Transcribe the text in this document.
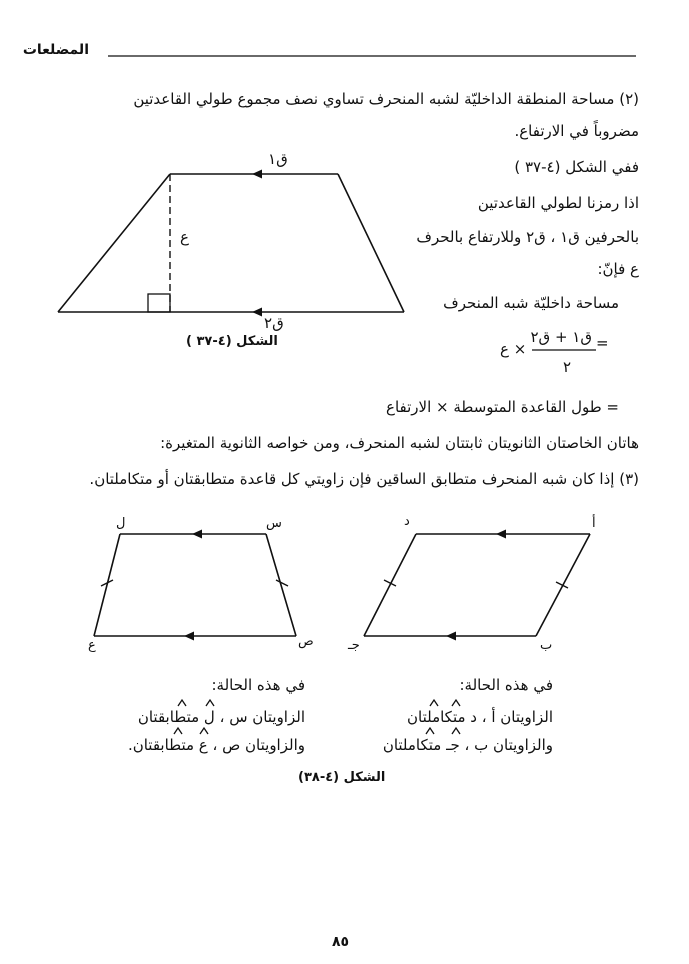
المضلعات
(٢) مساحة المنطقة الداخليّة لشبه المنحرف تساوي نصف مجموع طولي القاعدتين
مضروباً في الارتفاع.
ففي الشكل (٤-٣٧ )
اذا رمزنا لطولي القاعدتين
بالحرفين ق١ ، ق٢ وللارتفاع بالحرف
ع فإنّ:
مساحة داخليّة شبه المنحرف
=
ق١ + ق٢
٢
× ع
= طول القاعدة المتوسطة × الارتفاع
هاتان الخاصتان الثانويتان ثابتتان لشبه المنحرف، ومن خواصه الثانوية المتغيرة:
(٣) إذا كان شبه المنحرف متطابق الساقين فإن زاويتي كل قاعدة متطابقتان أو متكاملتان.
ق١
ق٢
ع
الشكل (٤-٣٧ )
د	أ
جـ	ب
ل	س
ع	ص
في هذه الحالة:
الزاويتان أ ، د متكاملتان
والزاويتان ب ، جـ متكاملتان
في هذه الحالة:
الزاويتان س ، ل متطابقتان
والزاويتان ص ، ع متطابقتان.
الشكل (٤-٣٨)
٨٥
